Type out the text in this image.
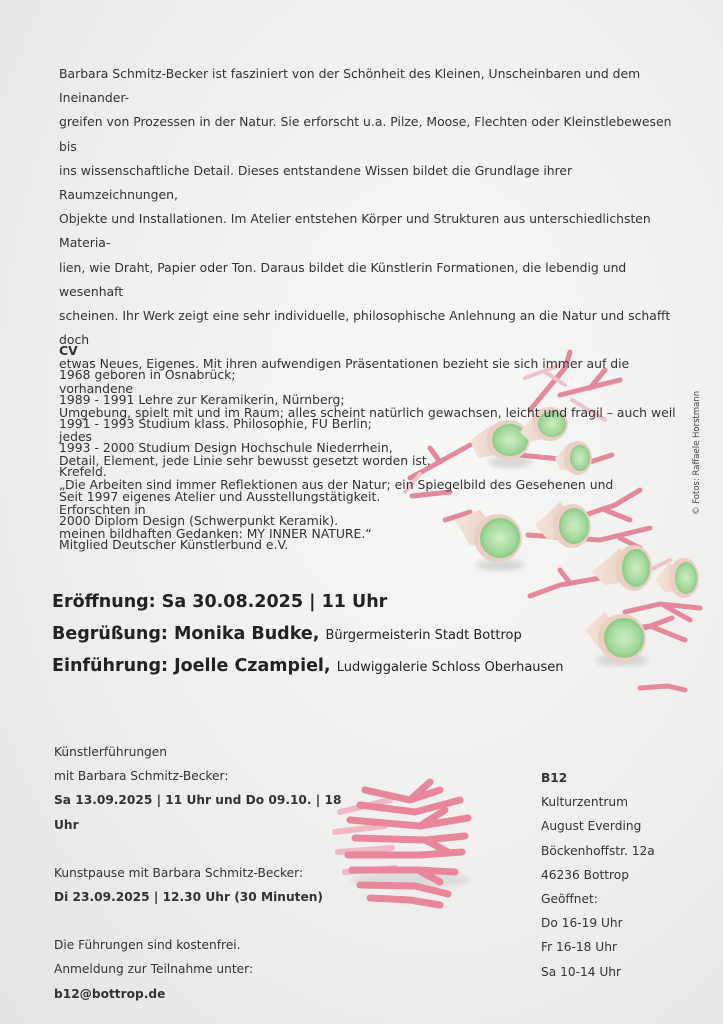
Barbara Schmitz-Becker ist fasziniert von der Schönheit des Kleinen, Unscheinbaren und dem Ineinander-
greifen von Prozessen in der Natur. Sie erforscht u.a. Pilze, Moose, Flechten oder Kleinstlebewesen bis
ins wissenschaftliche Detail. Dieses entstandene Wissen bildet die Grundlage ihrer Raumzeichnungen,
Objekte und Installationen. Im Atelier entstehen Körper und Strukturen aus unterschiedlichsten Materia-
lien, wie Draht, Papier oder Ton. Daraus bildet die Künstlerin Formationen, die lebendig und wesenhaft
scheinen. Ihr Werk zeigt eine sehr individuelle, philosophische Anlehnung an die Natur und schafft doch
etwas Neues, Eigenes. Mit ihren aufwendigen Präsentationen bezieht sie sich immer auf die vorhandene
Umgebung, spielt mit und im Raum; alles scheint natürlich gewachsen, leicht und fragil – auch weil jedes
Detail, Element, jede Linie sehr bewusst gesetzt worden ist.
„Die Arbeiten sind immer Reflektionen aus der Natur; ein Spiegelbild des Gesehenen und Erforschten in
meinen bildhaften Gedanken: MY INNER NATURE.“

CV
1968 geboren in Osnabrück;
1989 - 1991 Lehre zur Keramikerin, Nürnberg;
1991 - 1993 Studium klass. Philosophie, FU Berlin;
1993 - 2000 Studium Design Hochschule Niederrhein, Krefeld.
Seit 1997 eigenes Atelier und Ausstellungstätigkeit.
2000 Diplom Design (Schwerpunkt Keramik).
Mitglied Deutscher Künstlerbund e.V.
© Fotos: Raffaele Horstmann
Eröffnung: Sa 30.08.2025 | 11 Uhr
Begrüßung: Monika Budke, Bürgermeisterin Stadt Bottrop
Einführung: Joelle Czampiel, Ludwiggalerie Schloss Oberhausen
Künstlerführungen
mit Barbara Schmitz-Becker:
Sa 13.09.2025 | 11 Uhr und Do 09.10. | 18 Uhr
Kunstpause mit Barbara Schmitz-Becker:
Di 23.09.2025 | 12.30 Uhr (30 Minuten)
Die Führungen sind kostenfrei.
Anmeldung zur Teilnahme unter:
b12@bottrop.de
B12
Kulturzentrum
August Everding
Böckenhoffstr. 12a
46236 Bottrop
Geöffnet:
Do 16-19 Uhr
Fr 16-18 Uhr
Sa 10-14 Uhr
